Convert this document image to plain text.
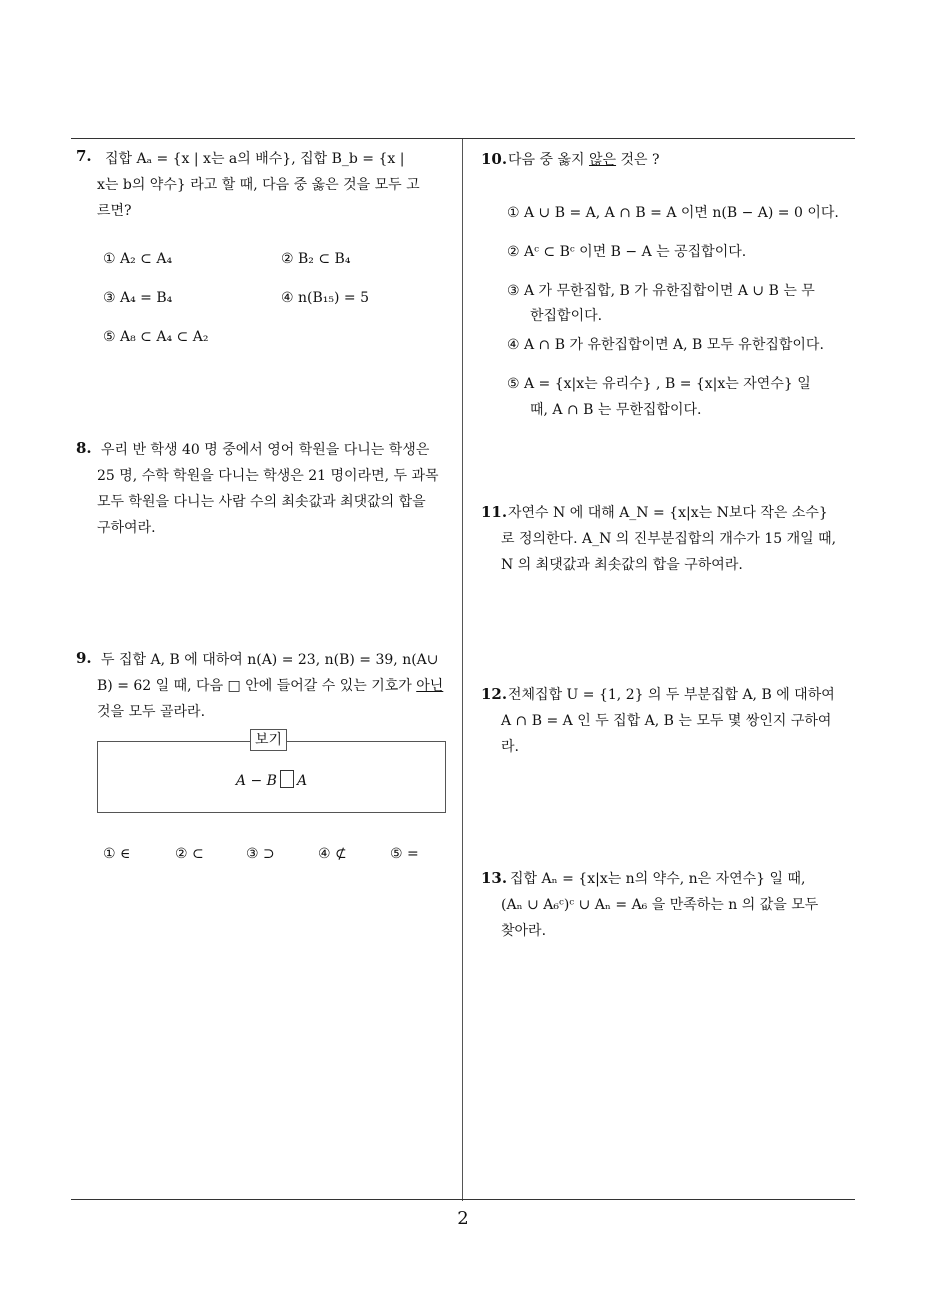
7. 집합 Aₐ = {x | x는 a의 배수}, 집합 B_b = {x |
x는 b의 약수} 라고 할 때, 다음 중 옳은 것을 모두 고
르면?
① A₂ ⊂ A₄	② B₂ ⊂ B₄
③ A₄ = B₄	④ n(B₁₅) = 5
⑤ A₈ ⊂ A₄ ⊂ A₂
8. 우리 반 학생 40 명 중에서 영어 학원을 다니는 학생은
25 명, 수학 학원을 다니는 학생은 21 명이라면, 두 과목
모두 학원을 다니는 사람 수의 최솟값과 최댓값의 합을
구하여라.
9. 두 집합 A, B 에 대하여 n(A) = 23, n(B) = 39, n(A∪
B) = 62 일 때, 다음 □ 안에 들어갈 수 있는 기호가 아닌
것을 모두 골라라.
보기
A − B A
① ∈	② ⊂	③ ⊃	④ ⊄	⑤ =
10. 다음 중 옳지 않은 것은 ?
① A ∪ B = A, A ∩ B = A 이면 n(B − A) = 0 이다.
② Aᶜ ⊂ Bᶜ 이면 B − A 는 공집합이다.
③ A 가 무한집합, B 가 유한집합이면 A ∪ B 는 무
한집합이다.
④ A ∩ B 가 유한집합이면 A, B 모두 유한집합이다.
⑤ A = {x|x는 유리수} , B = {x|x는 자연수} 일
때, A ∩ B 는 무한집합이다.
11. 자연수 N 에 대해 A_N = {x|x는 N보다 작은 소수}
로 정의한다. A_N 의 진부분집합의 개수가 15 개일 때,
N 의 최댓값과 최솟값의 합을 구하여라.
12. 전체집합 U = {1, 2} 의 두 부분집합 A, B 에 대하여
A ∩ B = A 인 두 집합 A, B 는 모두 몇 쌍인지 구하여
라.
13. 집합 Aₙ = {x|x는 n의 약수, n은 자연수} 일 때,
(Aₙ ∪ A₆ᶜ)ᶜ ∪ Aₙ = A₆ 을 만족하는 n 의 값을 모두
찾아라.
2
